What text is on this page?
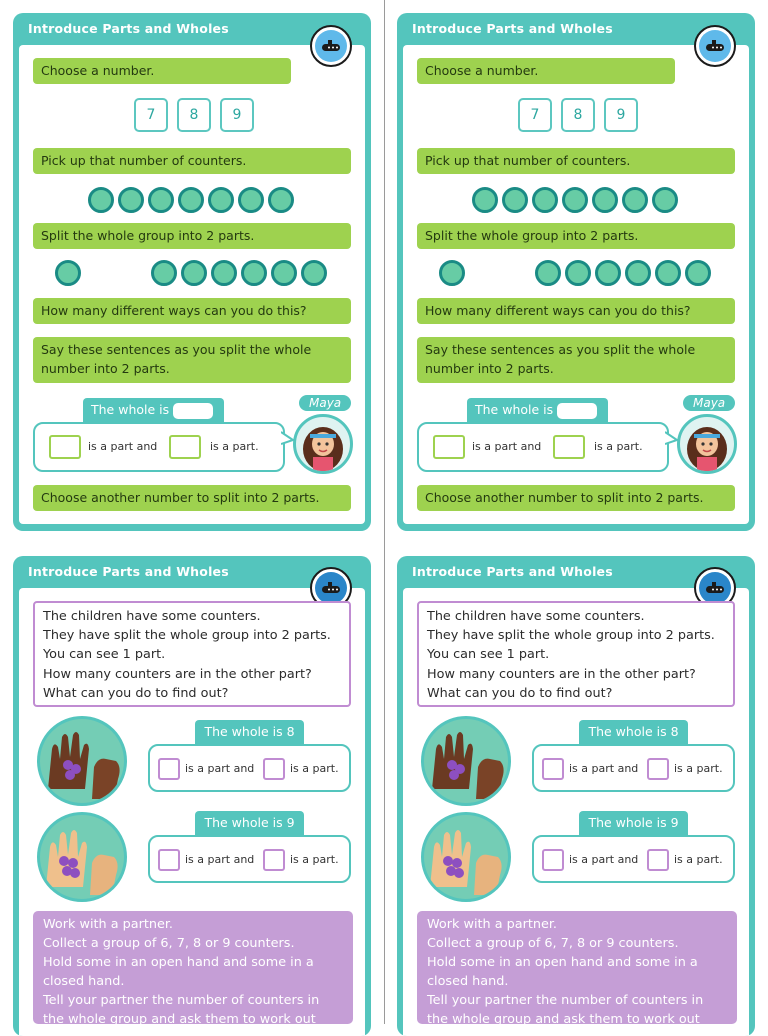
Introduce Parts and Wholes
Choose a number.
7	8	9
Pick up that number of counters.
Split the whole group into 2 parts.
How many different ways can you do this?
Say these sentences as you split the whole number into 2 parts.
The whole is
is a part and	is a part.
Maya
Choose another number to split into 2 parts.
Introduce Parts and Wholes
Choose a number.
7	8	9
Pick up that number of counters.
Split the whole group into 2 parts.
How many different ways can you do this?
Say these sentences as you split the whole number into 2 parts.
The whole is
is a part and	is a part.
Maya
Choose another number to split into 2 parts.
Introduce Parts and Wholes
The children have some counters.
They have split the whole group into 2 parts.
You can see 1 part.
How many counters are in the other part?
What can you do to find out?
The whole is 8
is a part and	is a part.
The whole is 9
is a part and	is a part.
Work with a partner.
Collect a group of 6, 7, 8 or 9 counters.
Hold some in an open hand and some in a
closed hand.
Tell your partner the number of counters in
the whole group and ask them to work out
Introduce Parts and Wholes
The children have some counters.
They have split the whole group into 2 parts.
You can see 1 part.
How many counters are in the other part?
What can you do to find out?
The whole is 8
is a part and	is a part.
The whole is 9
is a part and	is a part.
Work with a partner.
Collect a group of 6, 7, 8 or 9 counters.
Hold some in an open hand and some in a
closed hand.
Tell your partner the number of counters in
the whole group and ask them to work out
